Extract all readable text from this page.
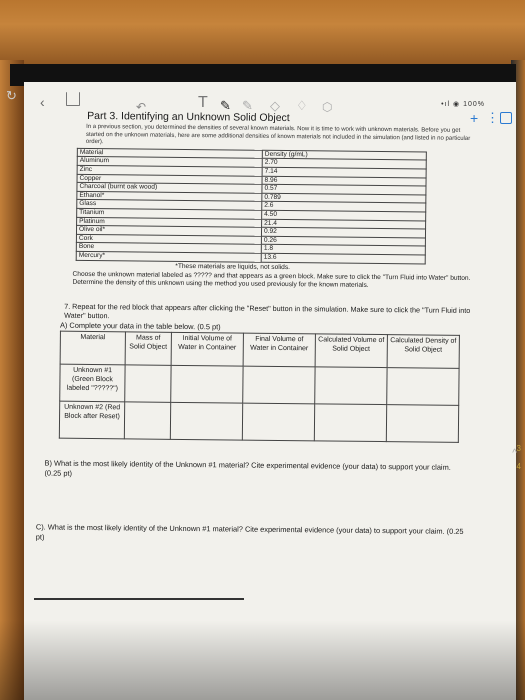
↻ ‹	↶	T ✎ ✎ ◇ ♢ ⬡
+ ⋮
•ıl ◉ 100%
Part 3. Identifying an Unknown Solid Object
In a previous section, you determined the densities of several known materials. Now it is time to work with unknown materials. Before you get started on the unknown materials, here are some additional densities of known materials not included in the simulation (and listed in no particular order).
Material	Density (g/mL)
Aluminum	2.70
Zinc	7.14
Copper	8.96
Charcoal (burnt oak wood)	0.57
Ethanol*	0.789
Glass	2.6
Titanium	4.50
Platinum	21.4
Olive oil*	0.92
Cork	0.26
Bone	1.8
Mercury*	13.6
*These materials are liquids, not solids.
Choose the unknown material labeled as ????? and that appears as a green block. Make sure to click the "Turn Fluid into Water" button. Determine the density of this unknown using the method you used previously for the known materials.
7. Repeat for the red block that appears after clicking the "Reset" button in the simulation. Make sure to click the "Turn Fluid into Water" button.
A) Complete your data in the table below. (0.5 pt)
Material	Mass of Solid Object	Initial Volume of Water in Container	Final Volume of Water in Container	Calculated Volume of Solid Object	Calculated Density of Solid Object
Unknown #1 (Green Block labeled "?????")					
Unknown #2 (Red Block after Reset)					
B) What is the most likely identity of the Unknown #1 material? Cite experimental evidence (your data) to support your claim. (0.25 pt)
C). What is the most likely identity of the Unknown #1 material? Cite experimental evidence (your data) to support your claim. (0.25 pt)
^ 3
4
